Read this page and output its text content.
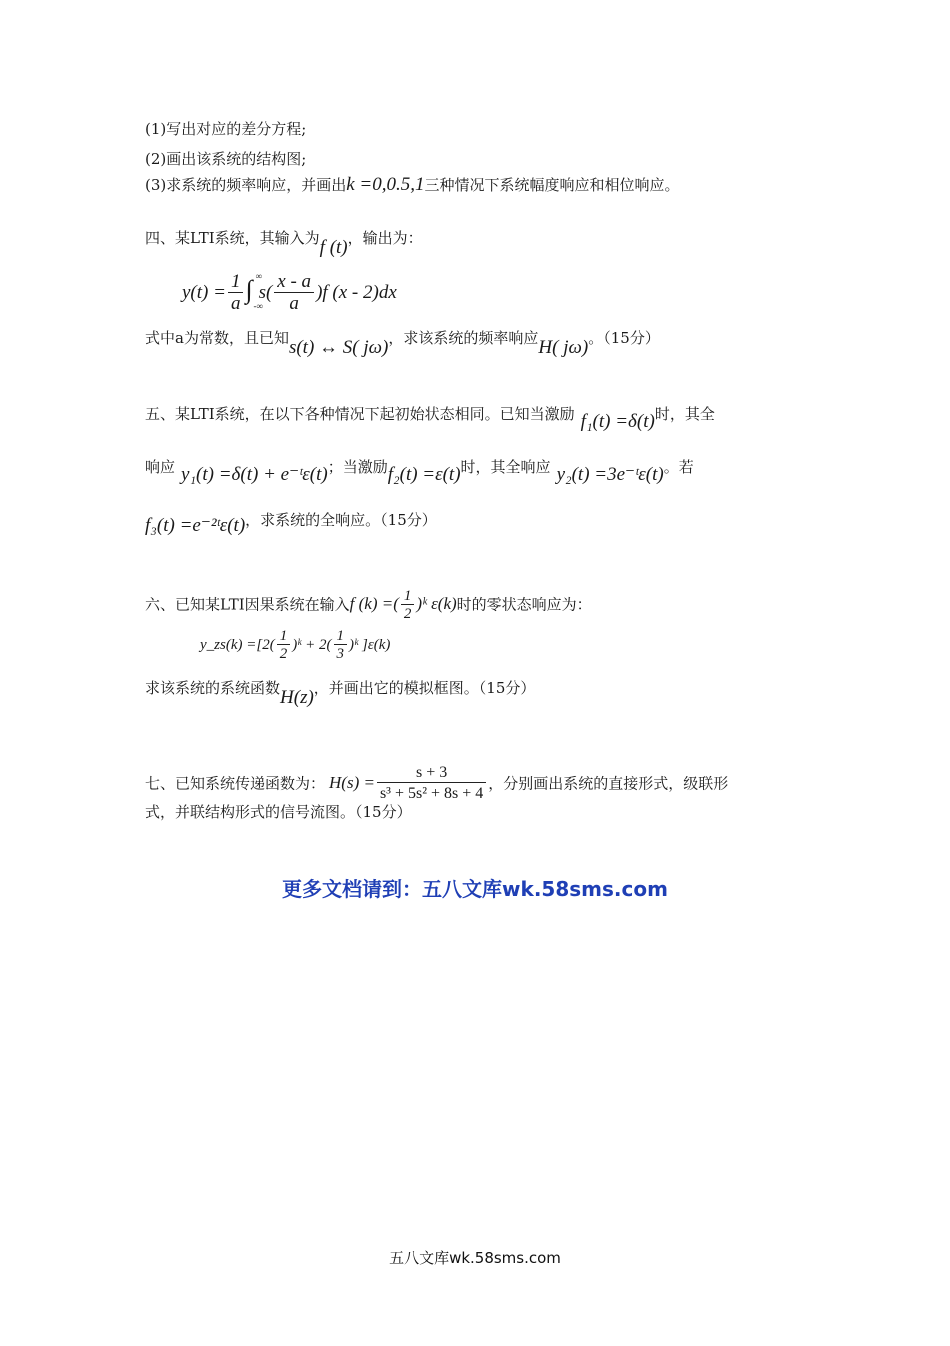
(1)写出对应的差分方程;
(2)画出该系统的结构图;
(3)求系统的频率响应，并画出k =0,0.5,1三种情况下系统幅度响应和相位响应。
四、某LTI系统，其输入为f (t)，输出为：
$y(t) = \frac{1}{a}$ ∫ ∞
-∞
$s( \frac{x - a}{a} )f$ (x - 2)dx
式中a为常数，且已知s(t) ↔ S( jω)，求该系统的频率响应H( jω)。（15分）
五、某LTI系统，在以下各种情况下起初始状态相同。已知当激励 f₁(t) =δ(t)时，其全
响应 y₁(t) =δ(t) + e⁻ᵗε(t)；当激励f₂(t) =ε(t)时，其全响应 y₂(t) =3e⁻ᵗε(t)。若
f₃(t) =e⁻²ᵗε(t)，求系统的全响应。（15分）
六、已知某LTI因果系统在输入f (k) =( $\frac{1}{2}$ )ᵏ ε(k)时的零状态响应为：
y_zs(k) $=[2( \frac{1}{2}$ )ᵏ + $2( \frac{1}{3}$ )ᵏ ]ε(k)
求该系统的系统函数H(z)，并画出它的模拟框图。（15分）
七、已知系统传递函数为： $H(s) = \frac{s + 3}{\text{s³ + 5s² + 8s + 4}}$ ，分别画出系统的直接形式，级联形
式，并联结构形式的信号流图。（15分）
更多文档请到：五八文库wk.58sms.com
五八文库wk.58sms.com
